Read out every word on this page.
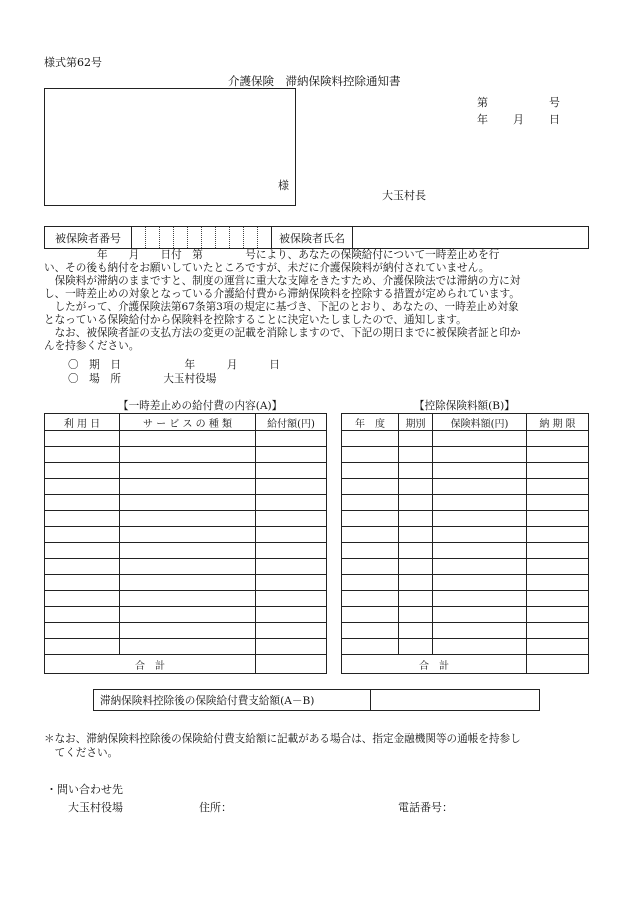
様式第62号
介護保険　滞納保険料控除通知書
様
第	号
年 月 日
大玉村長
被保険者番号											被保険者氏名	

　　　　　年　　月　　日付　第　　　　号により、あなたの保険給付について一時差止めを行

い、その後も納付をお願いしていたところですが、未だに介護保険料が納付されていません。

　保険料が滞納のままですと、制度の運営に重大な支障をきたすため、介護保険法では滞納の方に対

し、一時差止めの対象となっている介護給付費から滞納保険料を控除する措置が定められています。

　したがって、介護保険法第67条第3項の規定に基づき、下記のとおり、あなたの、一時差止め対象

となっている保険給付から保険料を控除することに決定いたしましたので、通知します。

　なお、被保険者証の支払方法の変更の記載を消除しますので、下記の期日までに被保険者証と印か

んを持参ください。

〇　期　日　　　　　　年　　　月　　　日
〇　場　所　　　　大玉村役場
【一時差止めの給付費の内容(A)】
利 用 日	サ ー ビ ス の 種 類	給付額(円)

合　計		
【控除保険料額(B)】
年　度	期別	保険料額(円)	納 期 限

合　計			
滞納保険料控除後の保険給付費支給額(A－B)	
＊なお、滞納保険料控除後の保険給付費支給額に記載がある場合は、指定金融機関等の通帳を持参し
　てください。
・問い合わせ先
大玉村役場	住所：	電話番号：
